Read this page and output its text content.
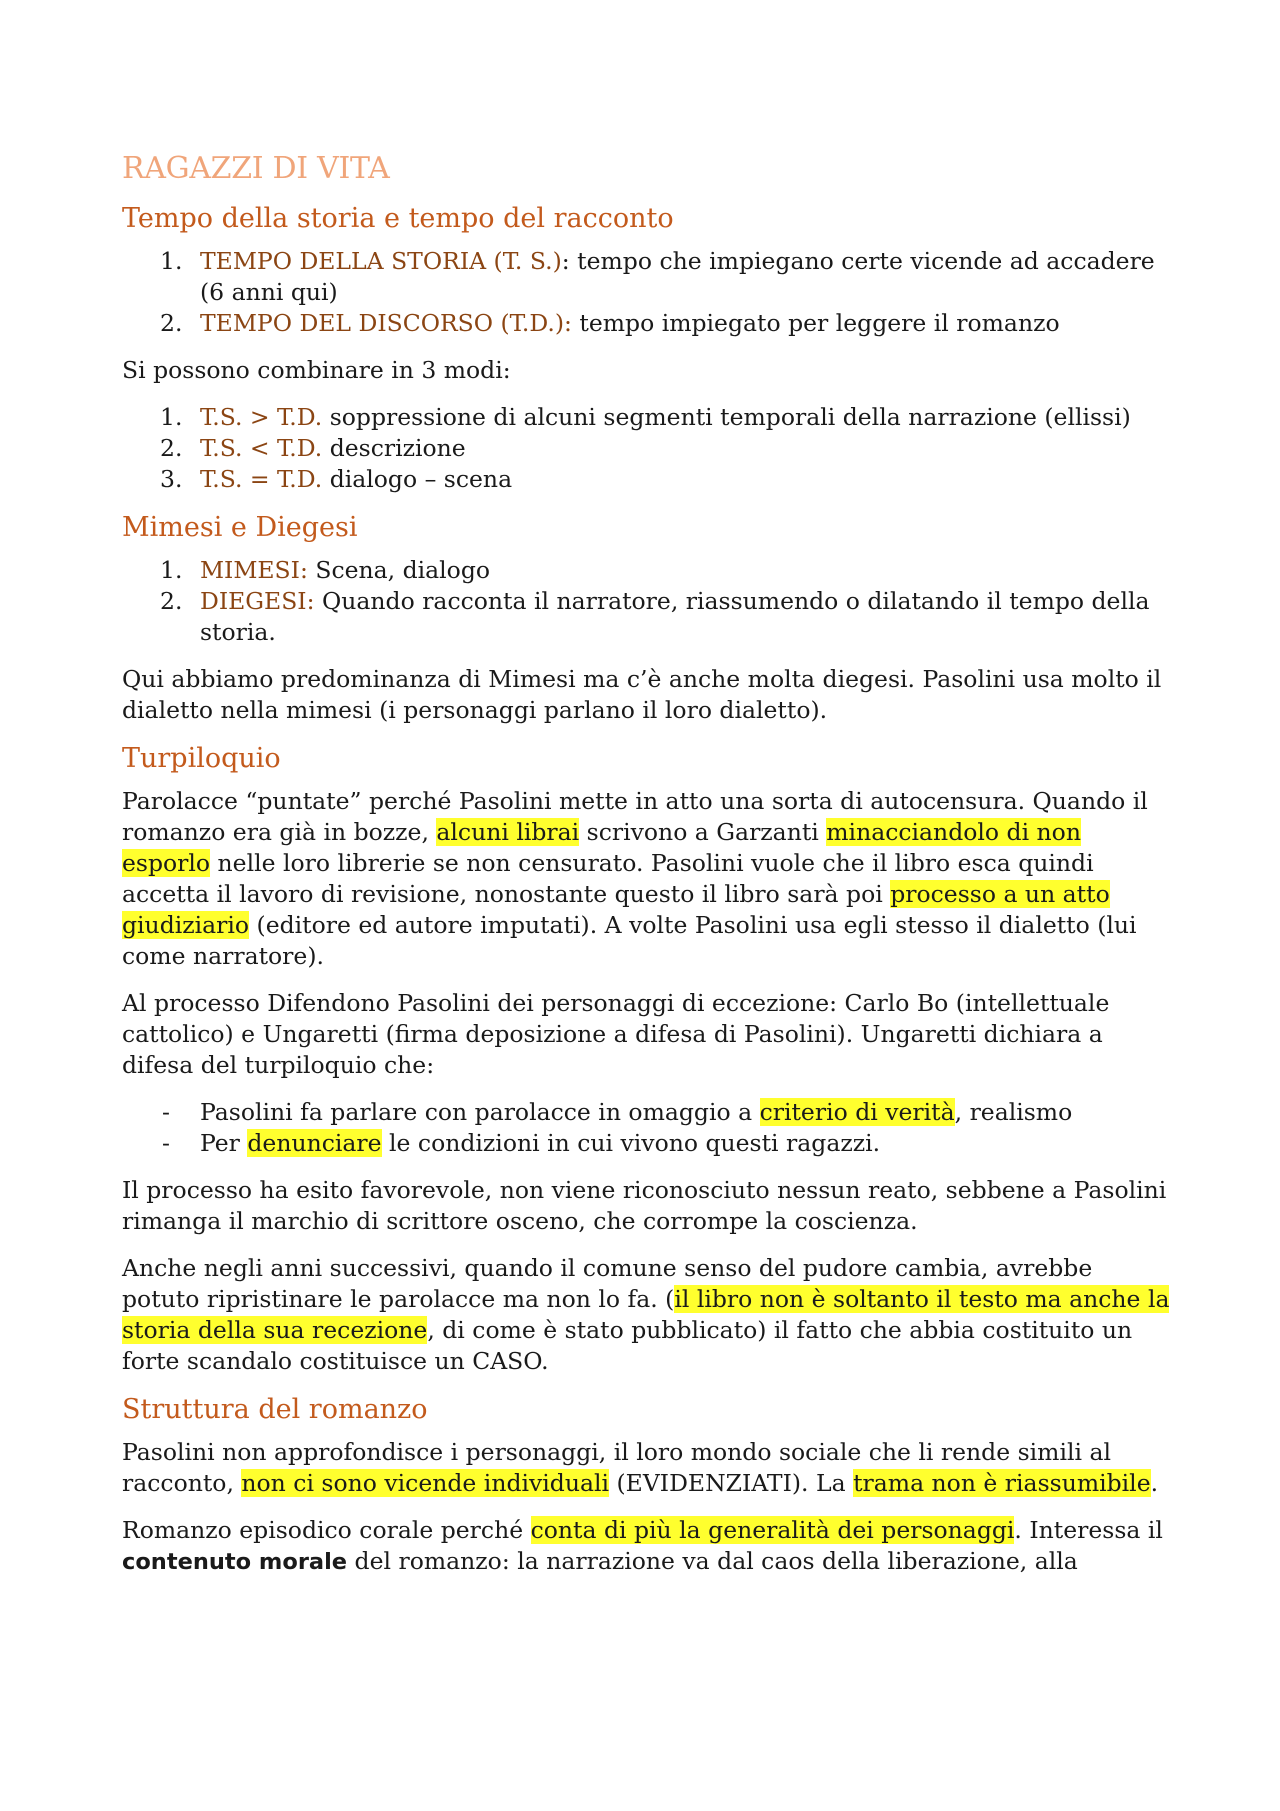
RAGAZZI DI VITA
Tempo della storia e tempo del racconto
1. TEMPO DELLA STORIA (T. S.): tempo che impiegano certe vicende ad accadere (6 anni qui)
2. TEMPO DEL DISCORSO (T.D.): tempo impiegato per leggere il romanzo

Si possono combinare in 3 modi:

1. T.S. > T.D. soppressione di alcuni segmenti temporali della narrazione (ellissi)
2. T.S. < T.D. descrizione
3. T.S. = T.D. dialogo – scena
Mimesi e Diegesi
1. MIMESI: Scena, dialogo
2. DIEGESI: Quando racconta il narratore, riassumendo o dilatando il tempo della storia.

Qui abbiamo predominanza di Mimesi ma c’è anche molta diegesi. Pasolini usa molto il dialetto nella mimesi (i personaggi parlano il loro dialetto).

Turpiloquio

Parolacce “puntate” perché Pasolini mette in atto una sorta di autocensura. Quando il romanzo era già in bozze, alcuni librai scrivono a Garzanti minacciandolo di non esporlo nelle loro librerie se non censurato. Pasolini vuole che il libro esca quindi accetta il lavoro di revisione, nonostante questo il libro sarà poi processo a un atto giudiziario (editore ed autore imputati). A volte Pasolini usa egli stesso il dialetto (lui come narratore).

Al processo Difendono Pasolini dei personaggi di eccezione: Carlo Bo (intellettuale cattolico) e Ungaretti (firma deposizione a difesa di Pasolini). Ungaretti dichiara a difesa del turpiloquio che:

- Pasolini fa parlare con parolacce in omaggio a criterio di verità, realismo
- Per denunciare le condizioni in cui vivono questi ragazzi.

Il processo ha esito favorevole, non viene riconosciuto nessun reato, sebbene a Pasolini rimanga il marchio di scrittore osceno, che corrompe la coscienza.

Anche negli anni successivi, quando il comune senso del pudore cambia, avrebbe potuto ripristinare le parolacce ma non lo fa. (il libro non è soltanto il testo ma anche la storia della sua recezione, di come è stato pubblicato) il fatto che abbia costituito un forte scandalo costituisce un CASO.

Struttura del romanzo

Pasolini non approfondisce i personaggi, il loro mondo sociale che li rende simili al racconto, non ci sono vicende individuali (EVIDENZIATI). La trama non è riassumibile.

Romanzo episodico corale perché conta di più la generalità dei personaggi. Interessa il contenuto morale del romanzo: la narrazione va dal caos della liberazione, alla
